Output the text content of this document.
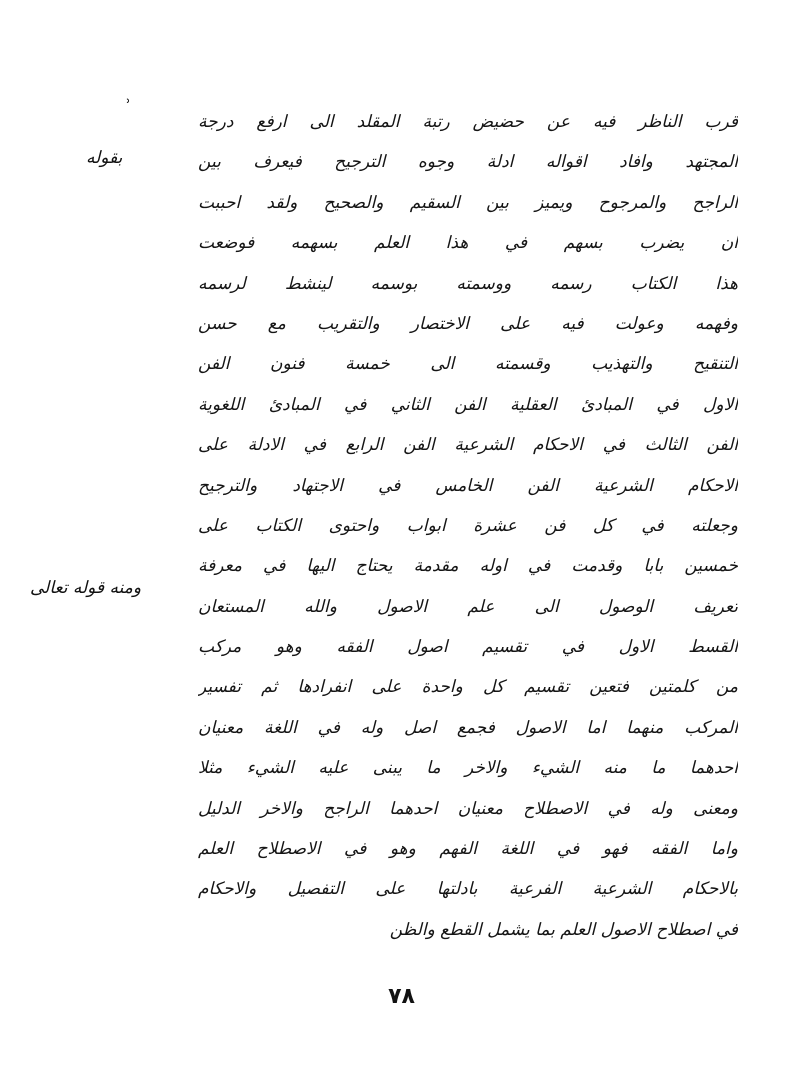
ʾ
بقوله
ومنه قوله تعالى
قرب الناظر فيه عن حضيض رتبة المقلد الى ارفع درجة
المجتهد وافاد اقواله ادلة وجوه الترجيح فيعرف بين
الراجح والمرجوح ويميز بين السقيم والصحيح ولقد احببت
ان يضرب بسهم في هذا العلم بسهمه فوضعت
هذا الكتاب رسمه ووسمته بوسمه لينشط لرسمه
وفهمه وعولت فيه على الاختصار والتقريب مع حسن
التنقيح والتهذيب وقسمته الى خمسة فنون الفن
الاول في المبادئ العقلية الفن الثاني في المبادئ اللغوية
الفن الثالث في الاحكام الشرعية الفن الرابع في الادلة على
الاحكام الشرعية الفن الخامس في الاجتهاد والترجيح
وجعلته في كل فن عشرة ابواب واحتوى الكتاب على
خمسين بابا وقدمت في اوله مقدمة يحتاج اليها في معرفة
تعريف الوصول الى علم الاصول والله المستعان
القسط الاول في تقسيم اصول الفقه وهو مركب
من كلمتين فتعين تقسيم كل واحدة على انفرادها ثم تفسير
المركب منهما اما الاصول فجمع اصل وله في اللغة معنيان
احدهما ما منه الشيء والاخر ما يبنى عليه الشيء مثلا
ومعنى وله في الاصطلاح معنيان احدهما الراجح والاخر الدليل
واما الفقه فهو في اللغة الفهم وهو في الاصطلاح العلم
بالاحكام الشرعية الفرعية بادلتها على التفصيل والاحكام
في اصطلاح الاصول العلم بما يشمل القطع والظن
٧٨
